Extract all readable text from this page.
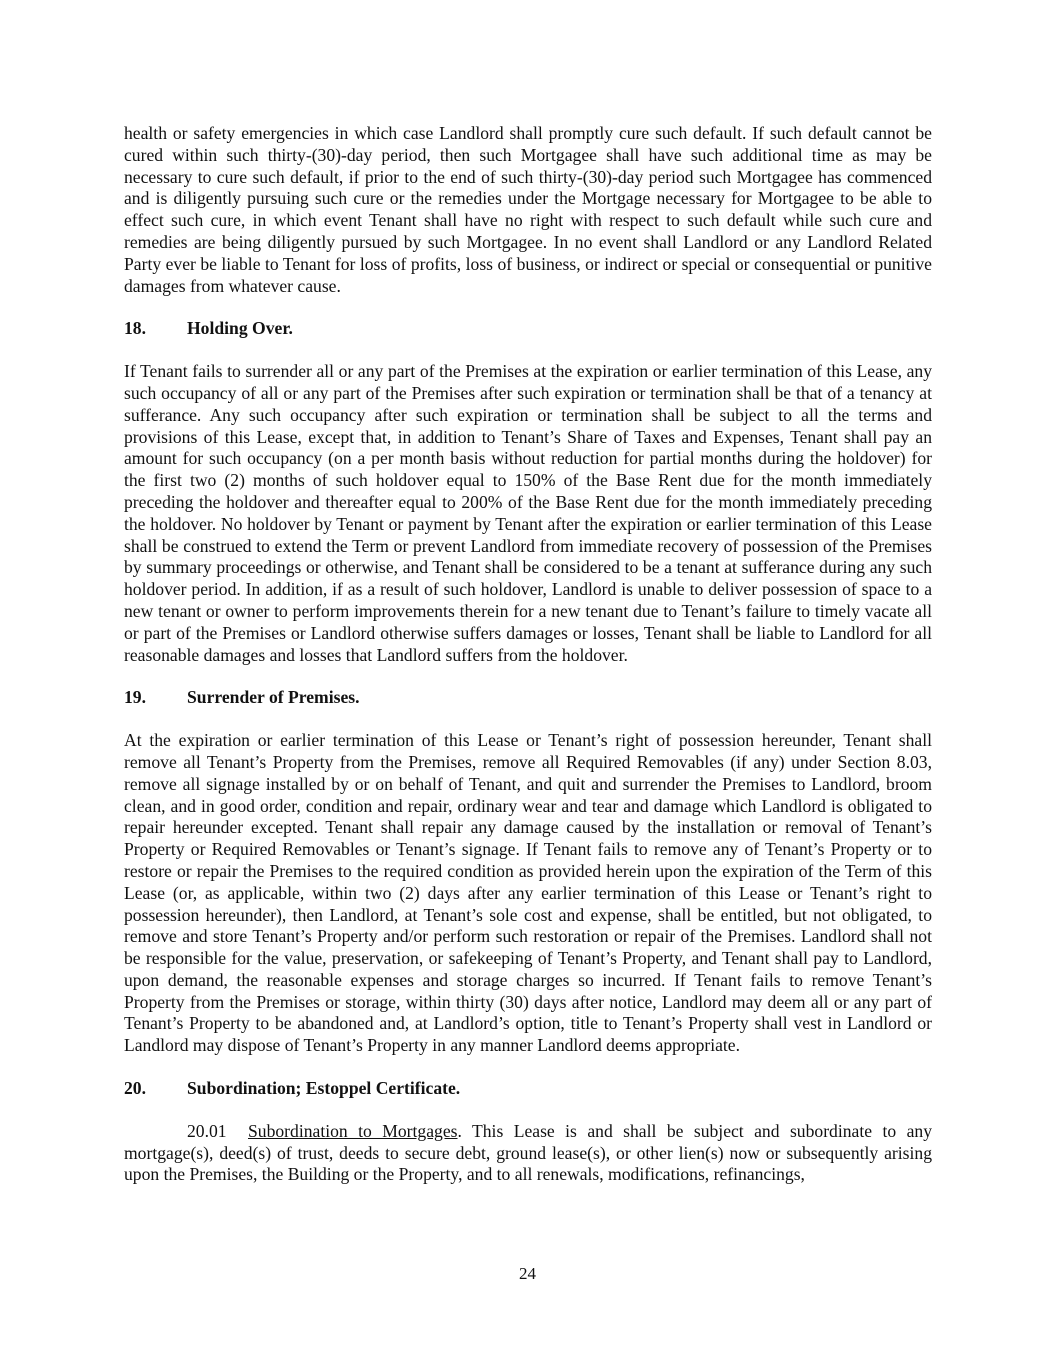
health or safety emergencies in which case Landlord shall promptly cure such default. If such default cannot be cured within such thirty-(30)-day period, then such Mortgagee shall have such additional time as may be necessary to cure such default, if prior to the end of such thirty-(30)-day period such Mortgagee has commenced and is diligently pursuing such cure or the remedies under the Mortgage necessary for Mortgagee to be able to effect such cure, in which event Tenant shall have no right with respect to such default while such cure and remedies are being diligently pursued by such Mortgagee. In no event shall Landlord or any Landlord Related Party ever be liable to Tenant for loss of profits, loss of business, or indirect or special or consequential or punitive damages from whatever cause.

18. Holding Over.

If Tenant fails to surrender all or any part of the Premises at the expiration or earlier termination of this Lease, any such occupancy of all or any part of the Premises after such expiration or termination shall be that of a tenancy at sufferance. Any such occupancy after such expiration or termination shall be subject to all the terms and provisions of this Lease, except that, in addition to Tenant’s Share of Taxes and Expenses, Tenant shall pay an amount for such occupancy (on a per month basis without reduction for partial months during the holdover) for the first two (2) months of such holdover equal to 150% of the Base Rent due for the month immediately preceding the holdover and thereafter equal to 200% of the Base Rent due for the month immediately preceding the holdover. No holdover by Tenant or payment by Tenant after the expiration or earlier termination of this Lease shall be construed to extend the Term or prevent Landlord from immediate recovery of possession of the Premises by summary proceedings or otherwise, and Tenant shall be considered to be a tenant at sufferance during any such holdover period. In addition, if as a result of such holdover, Landlord is unable to deliver possession of space to a new tenant or owner to perform improvements therein for a new tenant due to Tenant’s failure to timely vacate all or part of the Premises or Landlord otherwise suffers damages or losses, Tenant shall be liable to Landlord for all reasonable damages and losses that Landlord suffers from the holdover.

19. Surrender of Premises.

At the expiration or earlier termination of this Lease or Tenant’s right of possession hereunder, Tenant shall remove all Tenant’s Property from the Premises, remove all Required Removables (if any) under Section 8.03, remove all signage installed by or on behalf of Tenant, and quit and surrender the Premises to Landlord, broom clean, and in good order, condition and repair, ordinary wear and tear and damage which Landlord is obligated to repair hereunder excepted. Tenant shall repair any damage caused by the installation or removal of Tenant’s Property or Required Removables or Tenant’s signage. If Tenant fails to remove any of Tenant’s Property or to restore or repair the Premises to the required condition as provided herein upon the expiration of the Term of this Lease (or, as applicable, within two (2) days after any earlier termination of this Lease or Tenant’s right to possession hereunder), then Landlord, at Tenant’s sole cost and expense, shall be entitled, but not obligated, to remove and store Tenant’s Property and/or perform such restoration or repair of the Premises. Landlord shall not be responsible for the value, preservation, or safekeeping of Tenant’s Property, and Tenant shall pay to Landlord, upon demand, the reasonable expenses and storage charges so incurred. If Tenant fails to remove Tenant’s Property from the Premises or storage, within thirty (30) days after notice, Landlord may deem all or any part of Tenant’s Property to be abandoned and, at Landlord’s option, title to Tenant’s Property shall vest in Landlord or Landlord may dispose of Tenant’s Property in any manner Landlord deems appropriate.

20. Subordination; Estoppel Certificate.

20.01 Subordination to Mortgages. This Lease is and shall be subject and subordinate to any mortgage(s), deed(s) of trust, deeds to secure debt, ground lease(s), or other lien(s) now or subsequently arising upon the Premises, the Building or the Property, and to all renewals, modifications, refinancings,

24
